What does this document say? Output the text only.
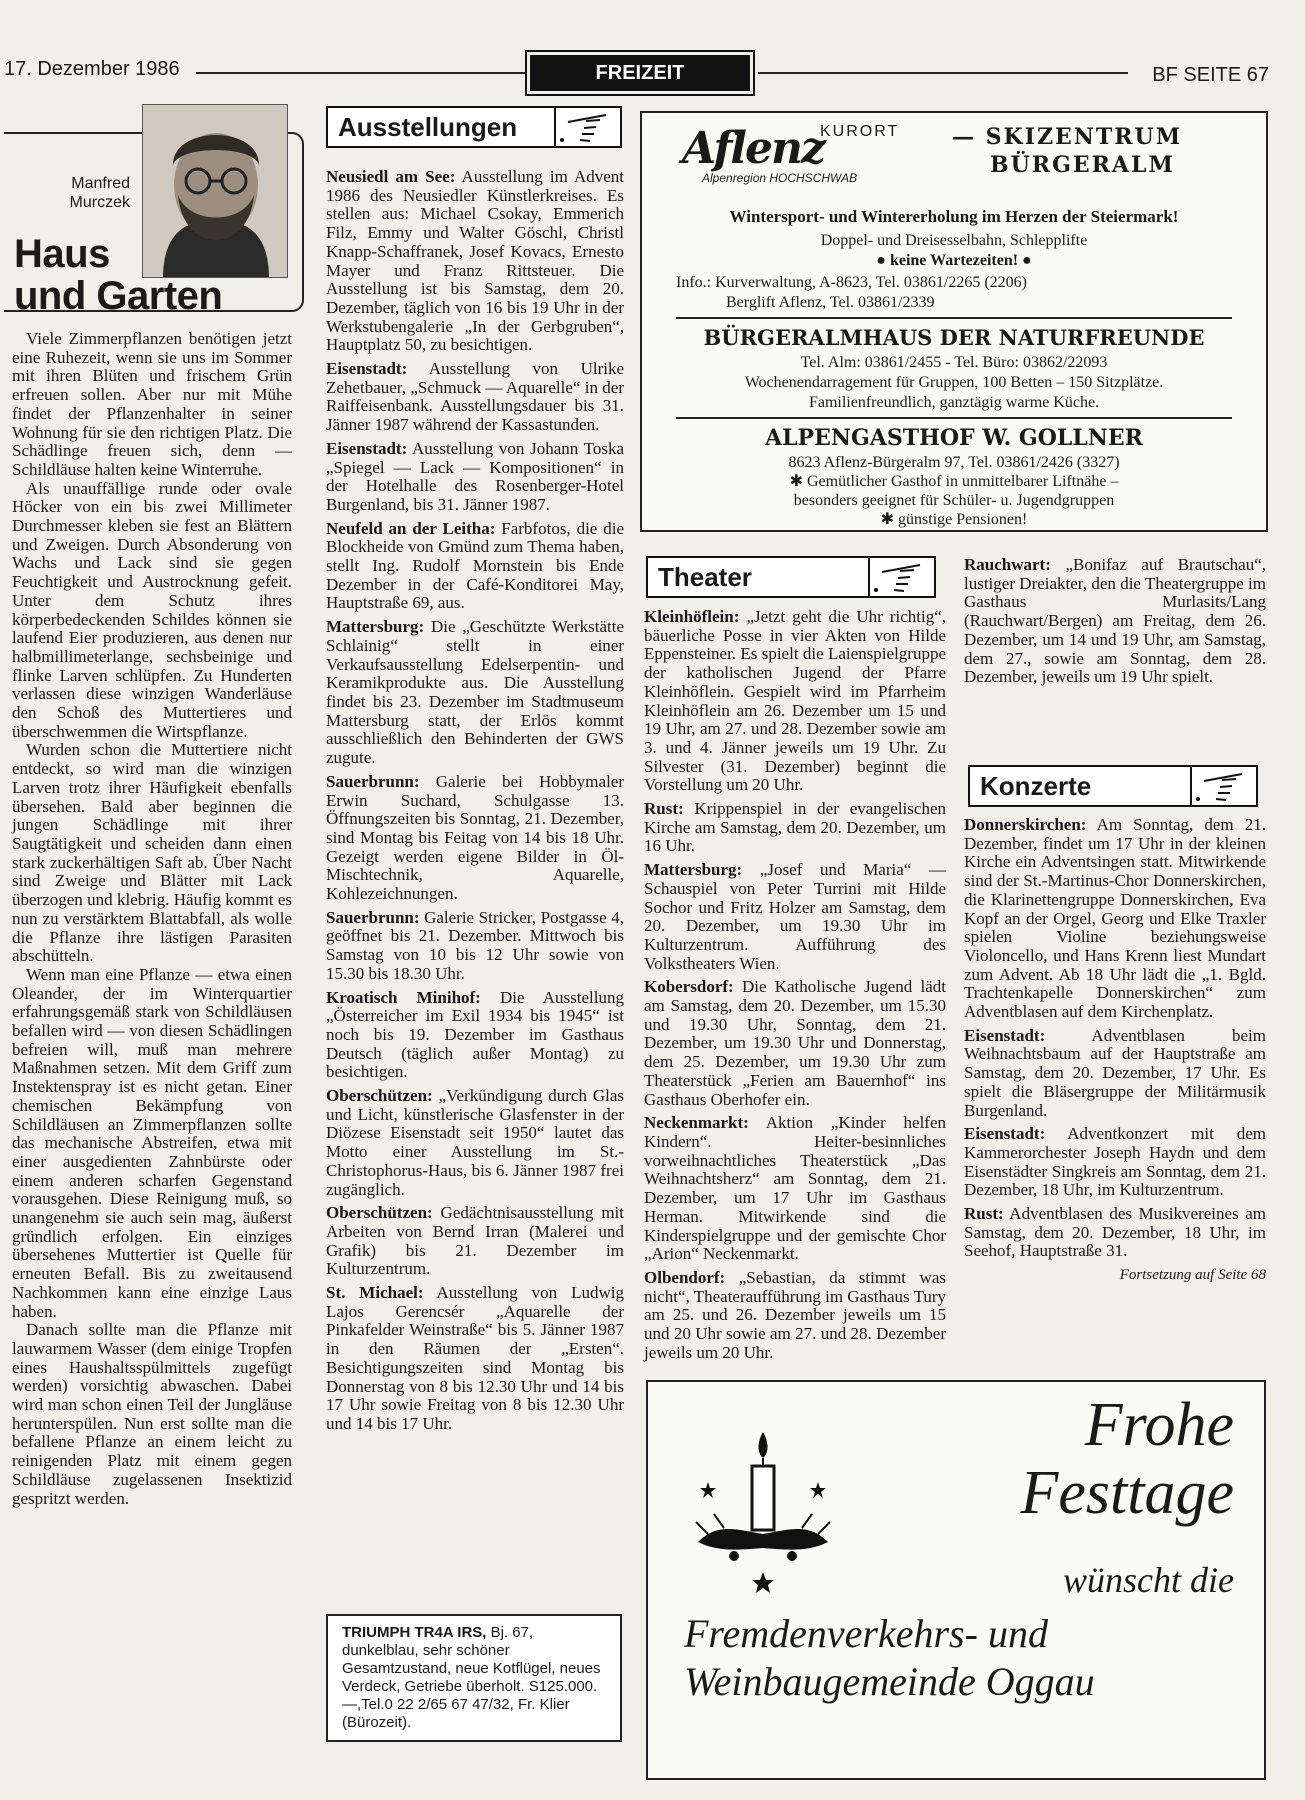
17. Dezember 1986	FREIZEIT	BF SEITE 67
Manfred
Murczek
Haus
und Garten

Viele Zimmerpflanzen benötigen jetzt eine Ruhezeit, wenn sie uns im Sommer mit ihren Blüten und frischem Grün erfreuen sollen. Aber nur mit Mühe findet der Pflanzenhalter in seiner Wohnung für sie den richtigen Platz. Die Schädlinge freuen sich, denn — Schildläuse halten keine Winterruhe.

Als unauffällige runde oder ovale Höcker von ein bis zwei Millimeter Durchmesser kleben sie fest an Blättern und Zweigen. Durch Absonderung von Wachs und Lack sind sie gegen Feuchtigkeit und Austrocknung gefeit. Unter dem Schutz ihres körperbedeckenden Schildes können sie laufend Eier produzieren, aus denen nur halbmillimeterlange, sechsbeinige und flinke Larven schlüpfen. Zu Hunderten verlassen diese winzigen Wanderläuse den Schoß des Muttertieres und überschwemmen die Wirtspflanze.

Wurden schon die Muttertiere nicht entdeckt, so wird man die winzigen Larven trotz ihrer Häufigkeit ebenfalls übersehen. Bald aber beginnen die jungen Schädlinge mit ihrer Saugtätigkeit und scheiden dann einen stark zuckerhältigen Saft ab. Über Nacht sind Zweige und Blätter mit Lack überzogen und klebrig. Häufig kommt es nun zu verstärktem Blattabfall, als wolle die Pflanze ihre lästigen Parasiten abschütteln.

Wenn man eine Pflanze — etwa einen Oleander, der im Winterquartier erfahrungsgemäß stark von Schildläusen befallen wird — von diesen Schädlingen befreien will, muß man mehrere Maßnahmen setzen. Mit dem Griff zum Instektenspray ist es nicht getan. Einer chemischen Bekämpfung von Schildläusen an Zimmerpflanzen sollte das mechanische Abstreifen, etwa mit einer ausgedienten Zahnbürste oder einem anderen scharfen Gegenstand vorausgehen. Diese Reinigung muß, so unangenehm sie auch sein mag, äußerst gründlich erfolgen. Ein einziges übersehenes Muttertier ist Quelle für erneuten Befall. Bis zu zweitausend Nachkommen kann eine einzige Laus haben.

Danach sollte man die Pflanze mit lauwarmem Wasser (dem einige Tropfen eines Haushaltsspülmittels zugefügt werden) vorsichtig abwaschen. Dabei wird man schon einen Teil der Jungläuse herunterspülen. Nun erst sollte man die befallene Pflanze an einem leicht zu reinigenden Platz mit einem gegen Schildläuse zugelassenen Insektizid gespritzt werden.

Ausstellungen

Neusiedl am See: Ausstellung im Advent 1986 des Neusiedler Künstlerkreises. Es stellen aus: Michael Csokay, Emmerich Filz, Emmy und Walter Göschl, Christl Knapp-Schaffranek, Josef Kovacs, Ernesto Mayer und Franz Rittsteuer. Die Ausstellung ist bis Samstag, dem 20. Dezember, täglich von 16 bis 19 Uhr in der Werkstubengalerie „In der Gerbgruben“, Hauptplatz 50, zu besichtigen.

Eisenstadt: Ausstellung von Ulrike Zehetbauer, „Schmuck — Aquarelle“ in der Raiffeisenbank. Ausstellungsdauer bis 31. Jänner 1987 während der Kassastunden.

Eisenstadt: Ausstellung von Johann Toska „Spiegel — Lack — Kompositionen“ in der Hotelhalle des Rosenberger-Hotel Burgenland, bis 31. Jänner 1987.

Neufeld an der Leitha: Farbfotos, die die Blockheide von Gmünd zum Thema haben, stellt Ing. Rudolf Mornstein bis Ende Dezember in der Café-Konditorei May, Hauptstraße 69, aus.

Mattersburg: Die „Geschützte Werkstätte Schlainig“ stellt in einer Verkaufsausstellung Edelserpentin- und Keramikprodukte aus. Die Ausstellung findet bis 23. Dezember im Stadtmuseum Mattersburg statt, der Erlös kommt ausschließlich den Behinderten der GWS zugute.

Sauerbrunn: Galerie bei Hobbymaler Erwin Suchard, Schulgasse 13. Öffnungszeiten bis Sonntag, 21. Dezember, sind Montag bis Feitag von 14 bis 18 Uhr. Gezeigt werden eigene Bilder in Öl-Mischtechnik, Aquarelle, Kohlezeichnungen.

Sauerbrunn: Galerie Stricker, Postgasse 4, geöffnet bis 21. Dezember. Mittwoch bis Samstag von 10 bis 12 Uhr sowie von 15.30 bis 18.30 Uhr.

Kroatisch Minihof: Die Ausstellung „Österreicher im Exil 1934 bis 1945“ ist noch bis 19. Dezember im Gasthaus Deutsch (täglich außer Montag) zu besichtigen.

Oberschützen: „Verkündigung durch Glas und Licht, künstlerische Glasfenster in der Diözese Eisenstadt seit 1950“ lautet das Motto einer Ausstellung im St.-Christophorus-Haus, bis 6. Jänner 1987 frei zugänglich.

Oberschützen: Gedächtnisausstellung mit Arbeiten von Bernd Irran (Malerei und Grafik) bis 21. Dezember im Kulturzentrum.

St. Michael: Ausstellung von Ludwig Lajos Gerencsér „Aquarelle der Pinkafelder Weinstraße“ bis 5. Jänner 1987 in den Räumen der „Ersten“. Besichtigungszeiten sind Montag bis Donnerstag von 8 bis 12.30 Uhr und 14 bis 17 Uhr sowie Freitag von 8 bis 12.30 Uhr und 14 bis 17 Uhr.

TRIUMPH TR4A IRS, Bj. 67, dunkelblau, sehr schöner Gesamtzustand, neue Kotflügel, neues Verdeck, Getriebe überholt. S125.000.—,Tel.0 22 2/65 67 47/32, Fr. Klier (Bürozeit).
KURORT
Aflenz
Alpenregion HOCHSCHWAB
— SKIZENTRUM
BÜRGERALM
Wintersport- und Wintererholung im Herzen der Steiermark!
Doppel- und Dreisesselbahn, Schlepplifte
● keine Wartezeiten! ●
Info.: Kurverwaltung, A-8623, Tel. 03861/2265 (2206)
Berglift Aflenz, Tel. 03861/2339
BÜRGERALMHAUS DER NATURFREUNDE
Tel. Alm: 03861/2455 - Tel. Büro: 03862/22093
Wochenendarragement für Gruppen, 100 Betten – 150 Sitzplätze.
Familienfreundlich, ganztägig warme Küche.
ALPENGASTHOF W. GOLLNER
8623 Aflenz-Bürgeralm 97, Tel. 03861/2426 (3327)
✱ Gemütlicher Gasthof in unmittelbarer Liftnähe –
besonders geeignet für Schüler- u. Jugendgruppen
✱ günstige Pensionen!
Theater

Kleinhöflein: „Jetzt geht die Uhr richtig“, bäuerliche Posse in vier Akten von Hilde Eppensteiner. Es spielt die Laienspielgruppe der katholischen Jugend der Pfarre Kleinhöflein. Gespielt wird im Pfarrheim Kleinhöflein am 26. Dezember um 15 und 19 Uhr, am 27. und 28. Dezember sowie am 3. und 4. Jänner jeweils um 19 Uhr. Zu Silvester (31. Dezember) beginnt die Vorstellung um 20 Uhr.

Rust: Krippenspiel in der evangelischen Kirche am Samstag, dem 20. Dezember, um 16 Uhr.

Mattersburg: „Josef und Maria“ — Schauspiel von Peter Turrini mit Hilde Sochor und Fritz Holzer am Samstag, dem 20. Dezember, um 19.30 Uhr im Kulturzentrum. Aufführung des Volkstheaters Wien.

Kobersdorf: Die Katholische Jugend lädt am Samstag, dem 20. Dezember, um 15.30 und 19.30 Uhr, Sonntag, dem 21. Dezember, um 19.30 Uhr und Donnerstag, dem 25. Dezember, um 19.30 Uhr zum Theaterstück „Ferien am Bauernhof“ ins Gasthaus Oberhofer ein.

Neckenmarkt: Aktion „Kinder helfen Kindern“. Heiter-besinnliches vorweihnachtliches Theaterstück „Das Weihnachtsherz“ am Sonntag, dem 21. Dezember, um 17 Uhr im Gasthaus Herman. Mitwirkende sind die Kinderspielgruppe und der gemischte Chor „Arion“ Neckenmarkt.

Olbendorf: „Sebastian, da stimmt was nicht“, Theateraufführung im Gasthaus Tury am 25. und 26. Dezember jeweils um 15 und 20 Uhr sowie am 27. und 28. Dezember jeweils um 20 Uhr.

Rauchwart: „Bonifaz auf Brautschau“, lustiger Dreiakter, den die Theatergruppe im Gasthaus Murlasits/Lang (Rauchwart/Bergen) am Freitag, dem 26. Dezember, um 14 und 19 Uhr, am Samstag, dem 27., sowie am Sonntag, dem 28. Dezember, jeweils um 19 Uhr spielt.

Konzerte

Donnerskirchen: Am Sonntag, dem 21. Dezember, findet um 17 Uhr in der kleinen Kirche ein Adventsingen statt. Mitwirkende sind der St.-Martinus-Chor Donnerskirchen, die Klarinettengruppe Donnerskirchen, Eva Kopf an der Orgel, Georg und Elke Traxler spielen Violine beziehungsweise Violoncello, und Hans Krenn liest Mundart zum Advent. Ab 18 Uhr lädt die „1. Bgld. Trachtenkapelle Donnerskirchen“ zum Adventblasen auf dem Kirchenplatz.

Eisenstadt: Adventblasen beim Weihnachtsbaum auf der Hauptstraße am Samstag, dem 20. Dezember, 17 Uhr. Es spielt die Bläsergruppe der Militärmusik Burgenland.

Eisenstadt: Adventkonzert mit dem Kammerorchester Joseph Haydn und dem Eisenstädter Singkreis am Sonntag, dem 21. Dezember, 18 Uhr, im Kulturzentrum.

Rust: Adventblasen des Musikvereines am Samstag, dem 20. Dezember, 18 Uhr, im Seehof, Hauptstraße 31.

Fortsetzung auf Seite 68

Frohe
Festtage
wünscht die
Fremdenverkehrs- und
Weinbaugemeinde Oggau
